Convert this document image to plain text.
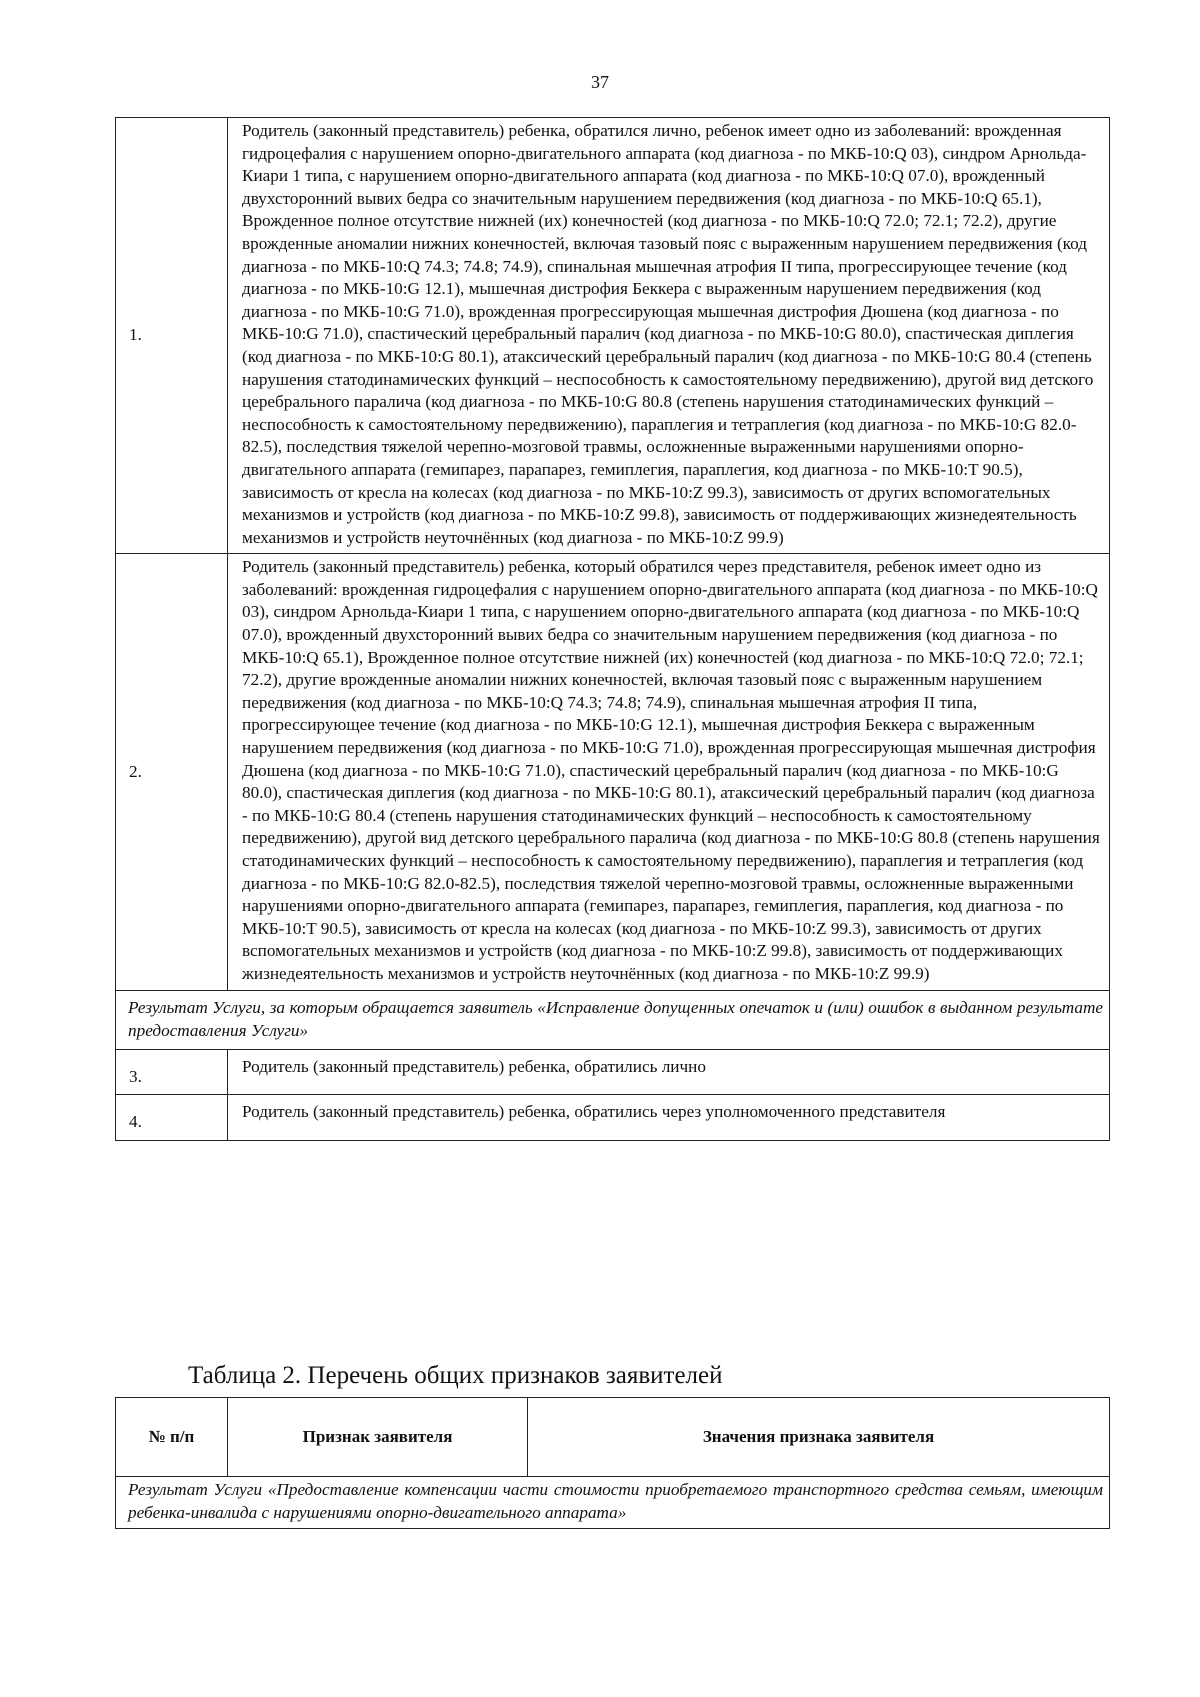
37
1.	Родитель (законный представитель) ребенка, обратился лично, ребенок имеет одно из заболеваний: врожденная гидроцефалия с нарушением опорно-двигательного аппарата (код диагноза - по МКБ-10:Q 03), синдром Арнольда-Киари 1 типа, с нарушением опорно-двигательного аппарата (код диагноза - по МКБ-10:Q 07.0), врожденный двухсторонний вывих бедра со значительным нарушением передвижения (код диагноза - по МКБ-10:Q 65.1), Врожденное полное отсутствие нижней (их) конечностей (код диагноза - по МКБ-10:Q 72.0; 72.1; 72.2), другие врожденные аномалии нижних конечностей, включая тазовый пояс с выраженным нарушением передвижения (код диагноза - по МКБ-10:Q 74.3; 74.8; 74.9), спинальная мышечная атрофия II типа, прогрессирующее течение (код диагноза - по МКБ-10:G 12.1), мышечная дистрофия Беккера с выраженным нарушением передвижения (код диагноза - по МКБ-10:G 71.0), врожденная прогрессирующая мышечная дистрофия Дюшена (код диагноза - по МКБ-10:G 71.0), спастический церебральный паралич (код диагноза - по МКБ-10:G 80.0), спастическая диплегия (код диагноза - по МКБ-10:G 80.1), атаксический церебральный паралич (код диагноза - по МКБ-10:G 80.4 (степень нарушения статодинамических функций – неспособность к самостоятельному передвижению), другой вид детского церебрального паралича (код диагноза - по МКБ-10:G 80.8 (степень нарушения статодинамических функций – неспособность к самостоятельному передвижению), параплегия и тетраплегия (код диагноза - по МКБ-10:G 82.0-82.5), последствия тяжелой черепно-мозговой травмы, осложненные выраженными нарушениями опорно-двигательного аппарата (гемипарез, парапарез, гемиплегия, параплегия, код диагноза - по МКБ-10:T 90.5), зависимость от кресла на колесах (код диагноза - по МКБ-10:Z 99.3), зависимость от других вспомогательных механизмов и устройств (код диагноза - по МКБ-10:Z 99.8), зависимость от поддерживающих жизнедеятельность механизмов и устройств неуточнённых (код диагноза - по МКБ-10:Z 99.9)
2.	Родитель (законный представитель) ребенка, который обратился через представителя, ребенок имеет одно из заболеваний: врожденная гидроцефалия с нарушением опорно-двигательного аппарата (код диагноза - по МКБ-10:Q 03), синдром Арнольда-Киари 1 типа, с нарушением опорно-двигательного аппарата (код диагноза - по МКБ-10:Q 07.0), врожденный двухсторонний вывих бедра со значительным нарушением передвижения (код диагноза - по МКБ-10:Q 65.1), Врожденное полное отсутствие нижней (их) конечностей (код диагноза - по МКБ-10:Q 72.0; 72.1; 72.2), другие врожденные аномалии нижних конечностей, включая тазовый пояс с выраженным нарушением передвижения (код диагноза - по МКБ-10:Q 74.3; 74.8; 74.9), спинальная мышечная атрофия II типа, прогрессирующее течение (код диагноза - по МКБ-10:G 12.1), мышечная дистрофия Беккера с выраженным нарушением передвижения (код диагноза - по МКБ-10:G 71.0), врожденная прогрессирующая мышечная дистрофия Дюшена (код диагноза - по МКБ-10:G 71.0), спастический церебральный паралич (код диагноза - по МКБ-10:G 80.0), спастическая диплегия (код диагноза - по МКБ-10:G 80.1), атаксический церебральный паралич (код диагноза - по МКБ-10:G 80.4 (степень нарушения статодинамических функций – неспособность к самостоятельному передвижению), другой вид детского церебрального паралича (код диагноза - по МКБ-10:G 80.8 (степень нарушения статодинамических функций – неспособность к самостоятельному передвижению), параплегия и тетраплегия (код диагноза - по МКБ-10:G 82.0-82.5), последствия тяжелой черепно-мозговой травмы, осложненные выраженными нарушениями опорно-двигательного аппарата (гемипарез, парапарез, гемиплегия, параплегия, код диагноза - по МКБ-10:T 90.5), зависимость от кресла на колесах (код диагноза - по МКБ-10:Z 99.3), зависимость от других вспомогательных механизмов и устройств (код диагноза - по МКБ-10:Z 99.8), зависимость от поддерживающих жизнедеятельность механизмов и устройств неуточнённых (код диагноза - по МКБ-10:Z 99.9)
Результат Услуги, за которым обращается заявитель «Исправление допущенных опечаток и (или) ошибок в выданном результате предоставления Услуги»	
3.	Родитель (законный представитель) ребенка, обратились лично
4.	Родитель (законный представитель) ребенка, обратились через уполномоченного представителя
Таблица 2. Перечень общих признаков заявителей
№ п/п	Признак заявителя	Значения признака заявителя
Результат Услуги «Предоставление компенсации части стоимости приобретаемого транспортного средства семьям, имеющим ребенка-инвалида с нарушениями опорно-двигательного аппарата»
